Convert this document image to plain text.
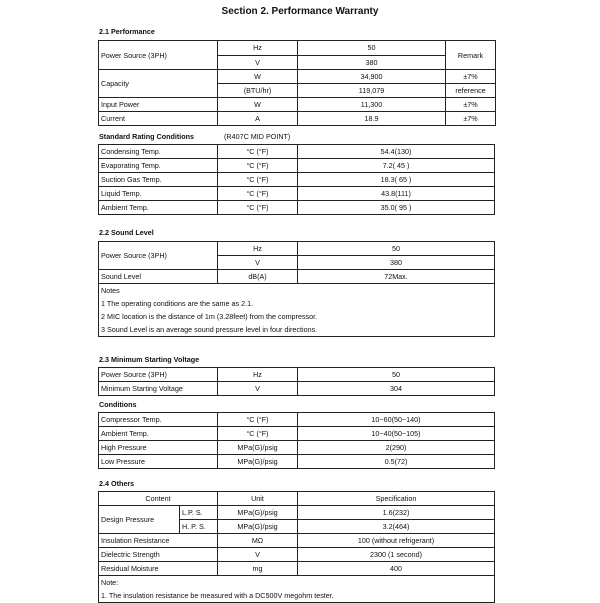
Section 2. Performance Warranty
2.1 Performance
Power Source (3PH)	Hz	50	Remark
	V	380	
Capacity	W	34,900	±7%
	(BTU/hr)	119,079	reference
Input Power	W	11,300	±7%
Current	A	18.9	±7%
Standard Rating Conditions	(R407C MID POINT)
Condensing Temp.	°C (°F)	54.4(130)
Evaporating Temp.	°C (°F)	7.2( 45 )
Suction Gas Temp.	°C (°F)	18.3( 65 )
Liquid Temp.	°C (°F)	43.8(111)
Ambient Temp.	°C (°F)	35.0( 95 )
2.2 Sound Level
Power Source (3PH)	Hz	50
	V	380
Sound Level	dB(A)	72Max.
Notes		
1 The operating conditions are the same as 2.1.		
2 MIC location is the distance of 1m (3.28feet) from the compressor.		
3 Sound Level is an average sound pressure level in four directions.		
2.3 Minimum Starting Voltage
Power Source (3PH)	Hz	50
Minimum Starting Voltage	V	304
Conditions
Compressor Temp.	°C (°F)	10~60(50~140)
Ambient Temp.	°C (°F)	10~40(50~105)
High Pressure	MPa(G)/psig	2(290)
Low Pressure	MPa(G)/psig	0.5(72)
2.4 Others
Content		Unit	Specification
Design Pressure	L.P. S.	MPa(G)/psig	1.6(232)
	H. P. S.	MPa(G)/psig	3.2(464)
Insulation Resistance		MΩ	100 (without refrigerant)
Dielectric Strength		V	2300 (1 second)
Residual Moisture		mg	400
Note:			
1. The insulation resistance be measured with a DC500V megohm tester.			
